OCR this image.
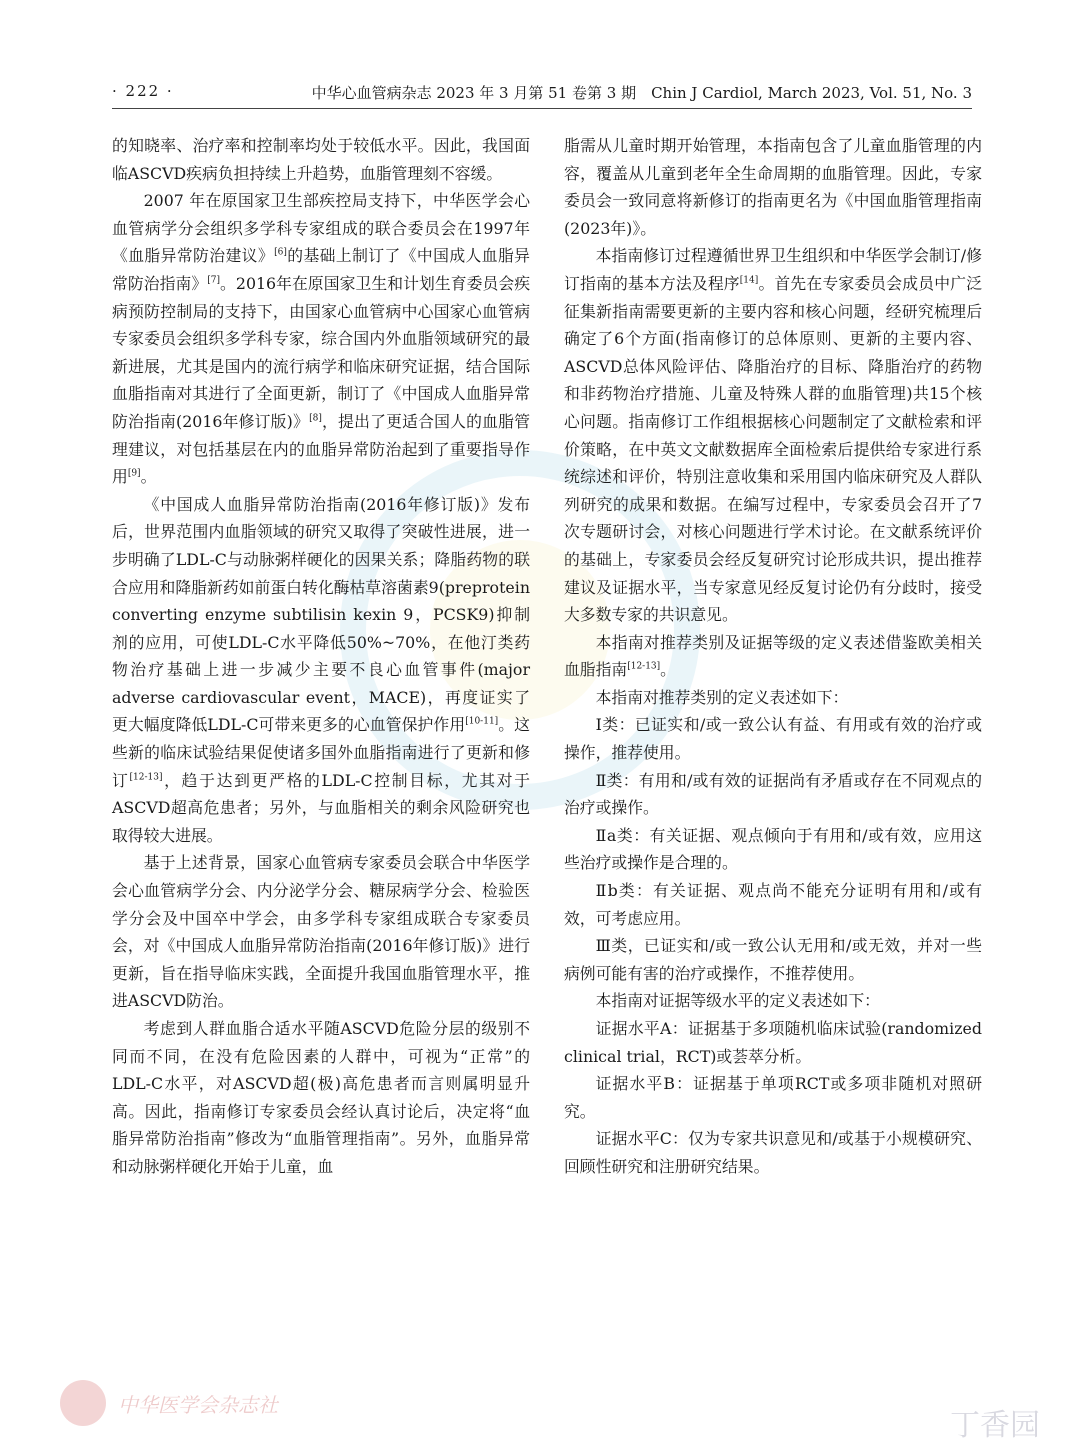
· 222 ·	中华心血管病杂志 2023 年 3 月第 51 卷第 3 期　Chin J Cardiol, March 2023, Vol. 51, No. 3

的知晓率、治疗率和控制率均处于较低水平。因此，我国面临ASCVD疾病负担持续上升趋势，血脂管理刻不容缓。

2007 年在原国家卫生部疾控局支持下，中华医学会心血管病学分会组织多学科专家组成的联合委员会在1997年《血脂异常防治建议》[6]的基础上制订了《中国成人血脂异常防治指南》[7]。2016年在原国家卫生和计划生育委员会疾病预防控制局的支持下，由国家心血管病中心国家心血管病专家委员会组织多学科专家，综合国内外血脂领域研究的最新进展，尤其是国内的流行病学和临床研究证据，结合国际血脂指南对其进行了全面更新，制订了《中国成人血脂异常防治指南(2016年修订版)》[8]，提出了更适合国人的血脂管理建议，对包括基层在内的血脂异常防治起到了重要指导作用[9]。

《中国成人血脂异常防治指南(2016年修订版)》发布后，世界范围内血脂领域的研究又取得了突破性进展，进一步明确了LDL-C与动脉粥样硬化的因果关系；降脂药物的联合应用和降脂新药如前蛋白转化酶枯草溶菌素9(preprotein converting enzyme subtilisin kexin 9，PCSK9)抑制剂的应用，可使LDL-C水平降低50%~70%，在他汀类药物治疗基础上进一步减少主要不良心血管事件(major adverse cardiovascular event，MACE)，再度证实了更大幅度降低LDL-C可带来更多的心血管保护作用[10-11]。这些新的临床试验结果促使诸多国外血脂指南进行了更新和修订[12-13]，趋于达到更严格的LDL-C控制目标，尤其对于ASCVD超高危患者；另外，与血脂相关的剩余风险研究也取得较大进展。

基于上述背景，国家心血管病专家委员会联合中华医学会心血管病学分会、内分泌学分会、糖尿病学分会、检验医学分会及中国卒中学会，由多学科专家组成联合专家委员会，对《中国成人血脂异常防治指南(2016年修订版)》进行更新，旨在指导临床实践，全面提升我国血脂管理水平，推进ASCVD防治。

考虑到人群血脂合适水平随ASCVD危险分层的级别不同而不同，在没有危险因素的人群中，可视为“正常”的LDL-C水平，对ASCVD超(极)高危患者而言则属明显升高。因此，指南修订专家委员会经认真讨论后，决定将“血脂异常防治指南”修改为“血脂管理指南”。另外，血脂异常和动脉粥样硬化开始于儿童，血

脂需从儿童时期开始管理，本指南包含了儿童血脂管理的内容，覆盖从儿童到老年全生命周期的血脂管理。因此，专家委员会一致同意将新修订的指南更名为《中国血脂管理指南(2023年)》。

本指南修订过程遵循世界卫生组织和中华医学会制订/修订指南的基本方法及程序[14]。首先在专家委员会成员中广泛征集新指南需要更新的主要内容和核心问题，经研究梳理后确定了6个方面(指南修订的总体原则、更新的主要内容、ASCVD总体风险评估、降脂治疗的目标、降脂治疗的药物和非药物治疗措施、儿童及特殊人群的血脂管理)共15个核心问题。指南修订工作组根据核心问题制定了文献检索和评价策略，在中英文文献数据库全面检索后提供给专家进行系统综述和评价，特别注意收集和采用国内临床研究及人群队列研究的成果和数据。在编写过程中，专家委员会召开了7次专题研讨会，对核心问题进行学术讨论。在文献系统评价的基础上，专家委员会经反复研究讨论形成共识，提出推荐建议及证据水平，当专家意见经反复讨论仍有分歧时，接受大多数专家的共识意见。

本指南对推荐类别及证据等级的定义表述借鉴欧美相关血脂指南[12-13]。

本指南对推荐类别的定义表述如下：

Ⅰ类：已证实和/或一致公认有益、有用或有效的治疗或操作，推荐使用。

Ⅱ类：有用和/或有效的证据尚有矛盾或存在不同观点的治疗或操作。

Ⅱa类：有关证据、观点倾向于有用和/或有效，应用这些治疗或操作是合理的。

Ⅱb类：有关证据、观点尚不能充分证明有用和/或有效，可考虑应用。

Ⅲ类，已证实和/或一致公认无用和/或无效，并对一些病例可能有害的治疗或操作，不推荐使用。

本指南对证据等级水平的定义表述如下：

证据水平A：证据基于多项随机临床试验(randomized clinical trial，RCT)或荟萃分析。

证据水平B：证据基于单项RCT或多项非随机对照研究。

证据水平C：仅为专家共识意见和/或基于小规模研究、回顾性研究和注册研究结果。

中华医学会杂志社
丁香园
